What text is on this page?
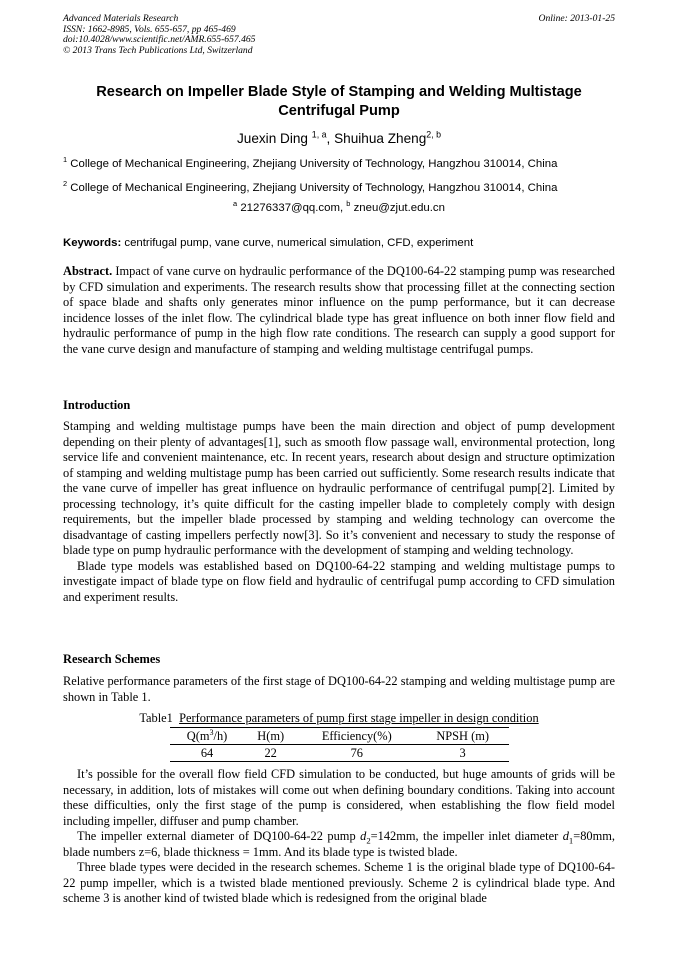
Advanced Materials Research	Online: 2013-01-25
ISSN: 1662-8985, Vols. 655-657, pp 465-469
doi:10.4028/www.scientific.net/AMR.655-657.465
© 2013 Trans Tech Publications Ltd, Switzerland
Research on Impeller Blade Style of Stamping and Welding Multistage
Centrifugal Pump
Juexin Ding $^{1, a}$, Shuihua Zheng$^{2, b}$
$^1$ College of Mechanical Engineering, Zhejiang University of Technology, Hangzhou 310014, China
$^2$ College of Mechanical Engineering, Zhejiang University of Technology, Hangzhou 310014, China
$^a$ 21276337@qq.com, $^b$ zneu@zjut.edu.cn
Keywords: centrifugal pump, vane curve, numerical simulation, CFD, experiment

Abstract. Impact of vane curve on hydraulic performance of the DQ100-64-22 stamping pump was researched by CFD simulation and experiments. The research results show that processing fillet at the connecting section of space blade and shafts only generates minor influence on the pump performance, but it can decrease incidence losses of the inlet flow. The cylindrical blade type has great influence on both inner flow field and hydraulic performance of pump in the high flow rate conditions. The research can supply a good support for the vane curve design and manufacture of stamping and welding multistage centrifugal pumps.

Introduction

Stamping and welding multistage pumps have been the main direction and object of pump development depending on their plenty of advantages[1], such as smooth flow passage wall, environmental protection, long service life and convenient maintenance, etc. In recent years, research about design and structure optimization of stamping and welding multistage pump has been carried out sufficiently. Some research results indicate that the vane curve of impeller has great influence on hydraulic performance of centrifugal pump[2]. Limited by processing technology, it’s quite difficult for the casting impeller blade to completely comply with design requirements, but the impeller blade processed by stamping and welding technology can overcome the disadvantage of casting impellers perfectly now[3]. So it’s convenient and necessary to study the response of blade type on pump hydraulic performance with the development of stamping and welding technology.

Blade type models was established based on DQ100-64-22 stamping and welding multistage pumps to investigate impact of blade type on flow field and hydraulic of centrifugal pump according to CFD simulation and experiment results.

Research Schemes

Relative performance parameters of the first stage of DQ100-64-22 stamping and welding multistage pump are shown in Table 1.

Table1 Performance parameters of pump first stage impeller in design condition
$Q(m^3/h)$	H(m)	Efficiency(%)	NPSH (m)
64	22	76	3

It’s possible for the overall flow field CFD simulation to be conducted, but huge amounts of grids will be necessary, in addition, lots of mistakes will come out when defining boundary conditions. Taking into account these difficulties, only the first stage of the pump is considered, when establishing the flow field model including impeller, diffuser and pump chamber.

The impeller external diameter of DQ100-64-22 pump $d_2=142mm$, the impeller inlet diameter $d_1=80mm$, blade numbers z=6, blade thickness = 1mm. And its blade type is twisted blade.

Three blade types were decided in the research schemes. Scheme 1 is the original blade type of DQ100-64-22 pump impeller, which is a twisted blade mentioned previously. Scheme 2 is cylindrical blade type. And scheme 3 is another kind of twisted blade which is redesigned from the original blade
